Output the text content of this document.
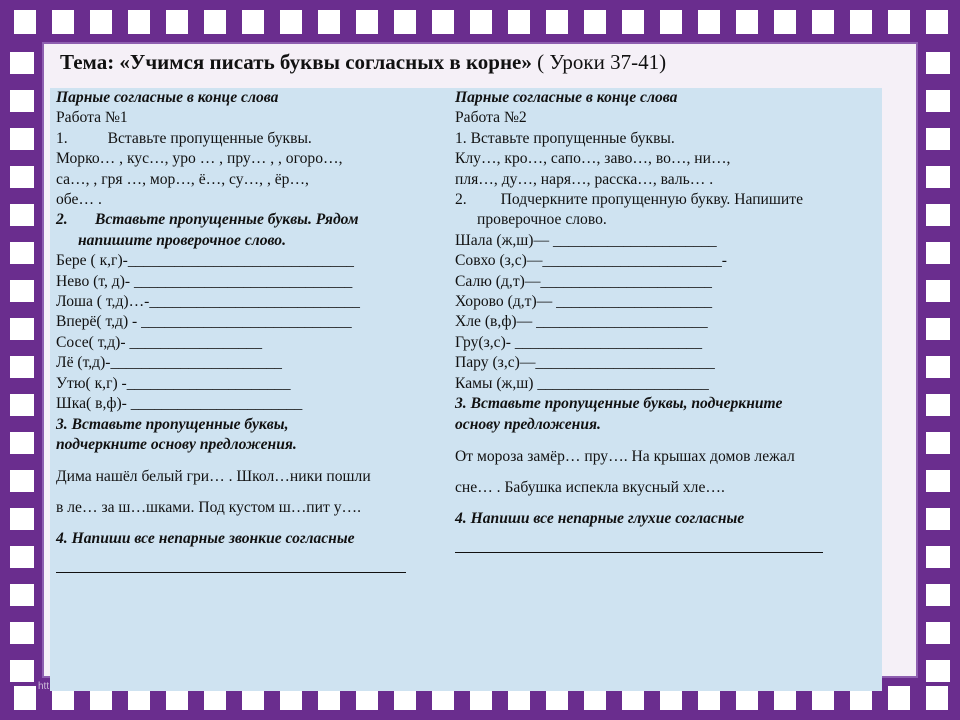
Тема: «Учимся писать буквы согласных в корне» ( Уроки 37-41)
Парные согласные в конце слова
Работа №1
1.	Вставьте пропущенные буквы.
Морко… , кус…, уро … , пру… , , огоро…,
са…, , гря …, мор…, ё…, су…, , ёр…,
обе… .
2.       Вставьте пропущенные буквы. Рядом
напишите проверочное слово.
Бере ( к,г)-_____________________________
Нево (т, д)- ____________________________
Лоша ( т,д)…-___________________________
Вперё( т,д) - ___________________________
Сосе( т,д)- _________________
Лё (т,д)-______________________
Утю( к,г) -_____________________
Шка( в,ф)- ______________________
3. Вставьте пропущенные буквы,
подчеркните основу предложения.
Дима нашёл белый гри… . Школ…ники пошли
в ле… за ш…шками. Под кустом ш…пит у….
4. Напиши все непарные звонкие согласные
Парные согласные в конце слова
Работа №2
1. Вставьте пропущенные буквы.
Клу…, кро…, сапо…, заво…, во…, ни…,
пля…, ду…, наря…, расска…, валь… .
2. Подчеркните пропущенную букву. Напишите
проверочное слово.
Шала (ж,ш)— _____________________
Совхо (з,с)—_______________________-
Салю (д,т)—______________________
Хорово (д,т)— ____________________
Хле (в,ф)— ______________________
Гру(з,с)- ________________________
Пару (з,с)—_______________________
Камы (ж,ш) ______________________
3. Вставьте пропущенные буквы, подчеркните
основу предложения.
От мороза замёр… пру…. На крышах домов лежал
сне… . Бабушка испекла вкусный хле….
4. Напиши все непарные глухие согласные
htt
